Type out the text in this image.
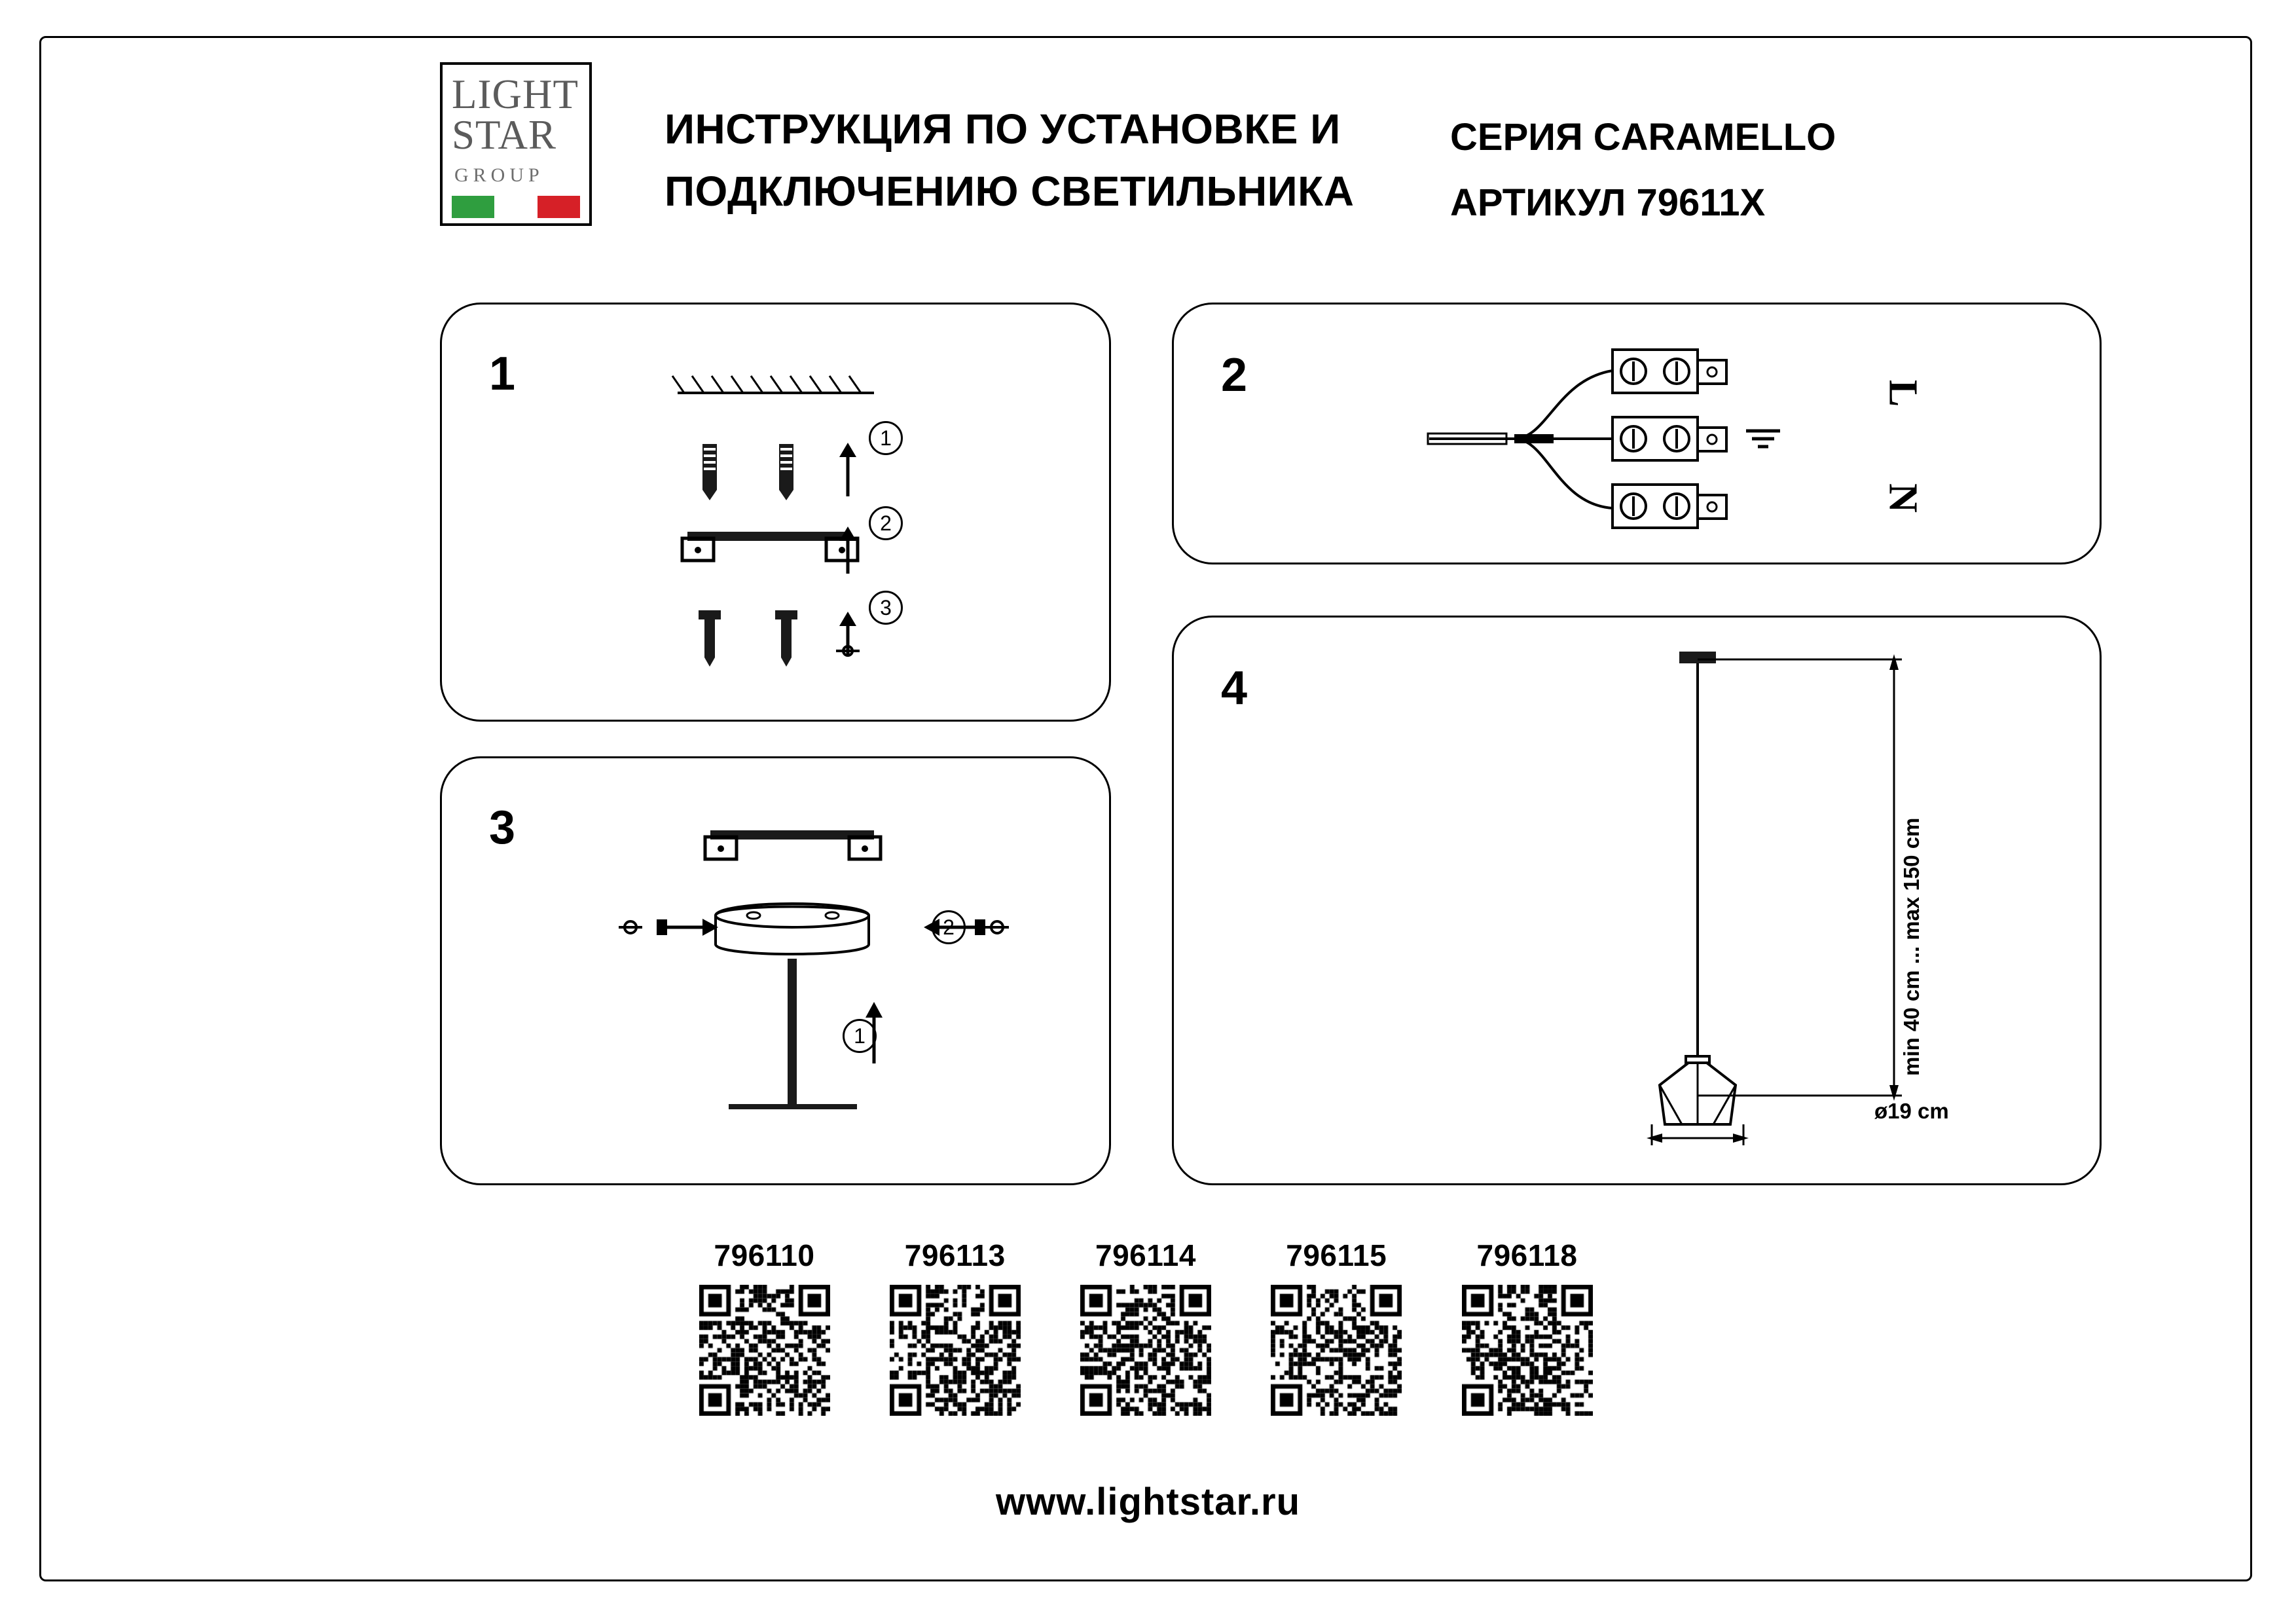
LIGHT
STAR
GROUP
ИНСТРУКЦИЯ ПО УСТАНОВКЕ И
ПОДКЛЮЧЕНИЮ СВЕТИЛЬНИКА
СЕРИЯ CARAMELLO
АРТИКУЛ 79611X
1
1
2
3
2	L
N
3
2
1
4
min 40 cm ... max 150 cm
ø19 cm
796110	796113	796114	796115	796118
www.lightstar.ru
